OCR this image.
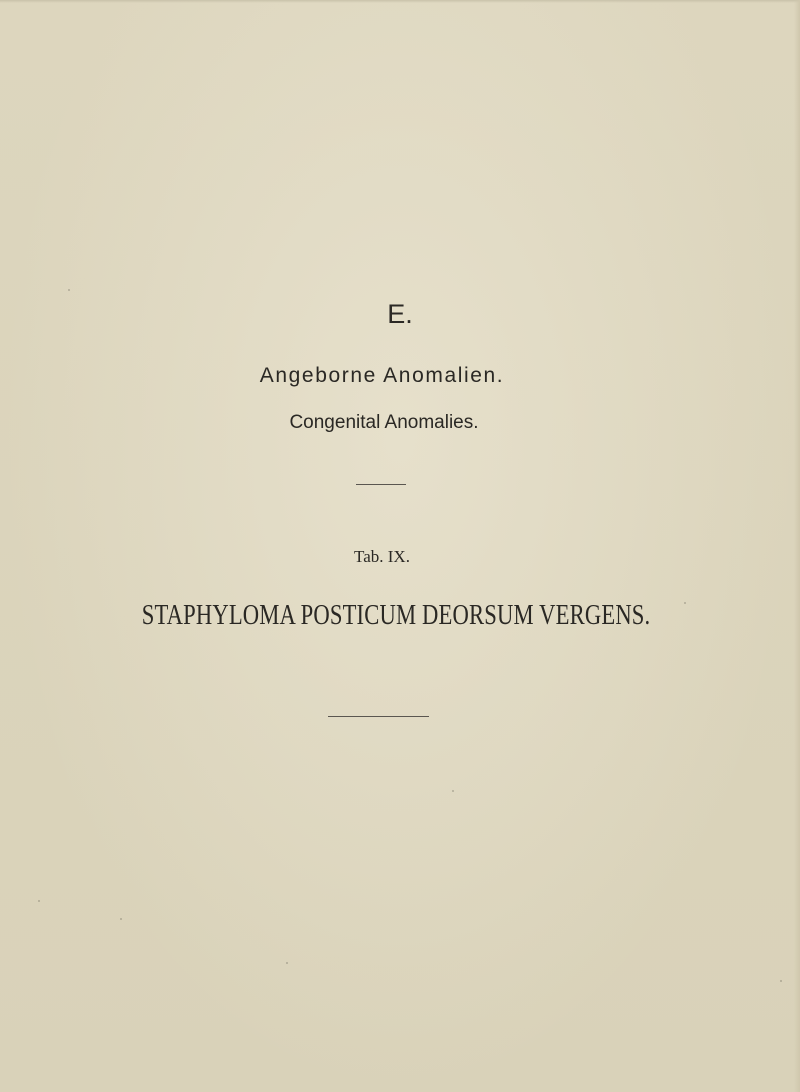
E.
Angeborne Anomalien.
Congenital Anomalies.
Tab. IX.
STAPHYLOMA POSTICUM DEORSUM VERGENS.
